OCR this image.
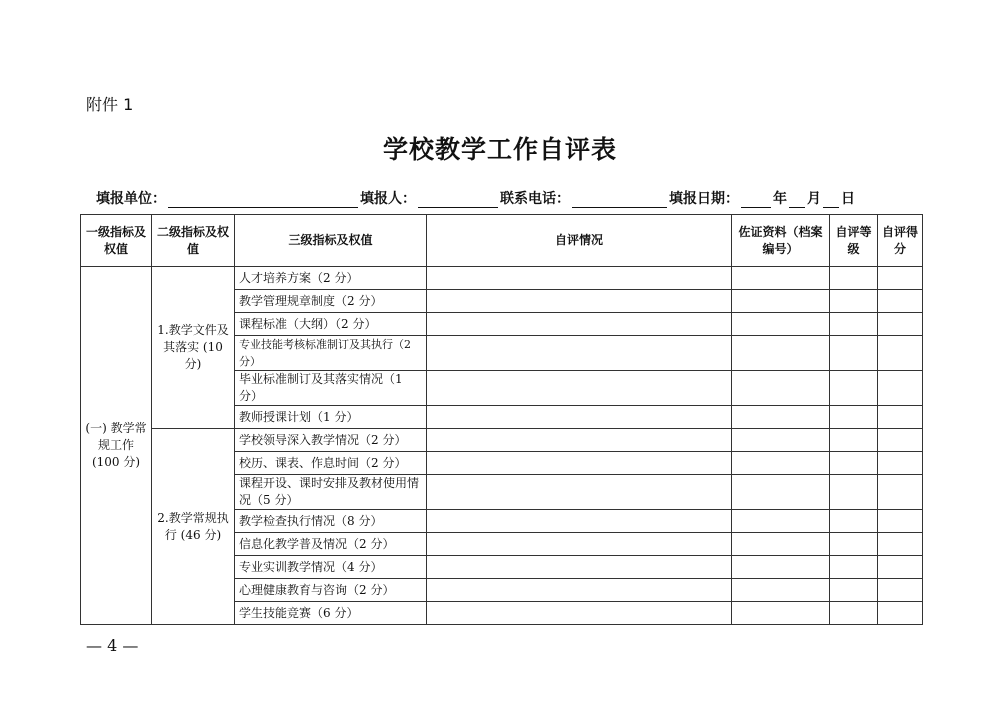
附件 1
学校教学工作自评表
填报单位：	填报人：	联系电话：	填报日期： 年 月 日
一级指标及权值	二级指标及权值	三级指标及权值	自评情况	佐证资料（档案编号）	自评等级	自评得分
(一) 教学常规工作 (100 分)	1.教学文件及其落实 (10 分)	人才培养方案（2 分）				
		教学管理规章制度（2 分）				
		课程标准（大纲）（2 分）				
		专业技能考核标准制订及其执行（2 分）				
		毕业标准制订及其落实情况（1 分）				
		教师授课计划（1 分）				
	2.教学常规执行 (46 分)	学校领导深入教学情况（2 分）				
		校历、课表、作息时间（2 分）				
		课程开设、课时安排及教材使用情况（5 分）				
		教学检查执行情况（8 分）				
		信息化教学普及情况（2 分）				
		专业实训教学情况（4 分）				
		心理健康教育与咨询（2 分）				
		学生技能竞赛（6 分）				
— 4 —
